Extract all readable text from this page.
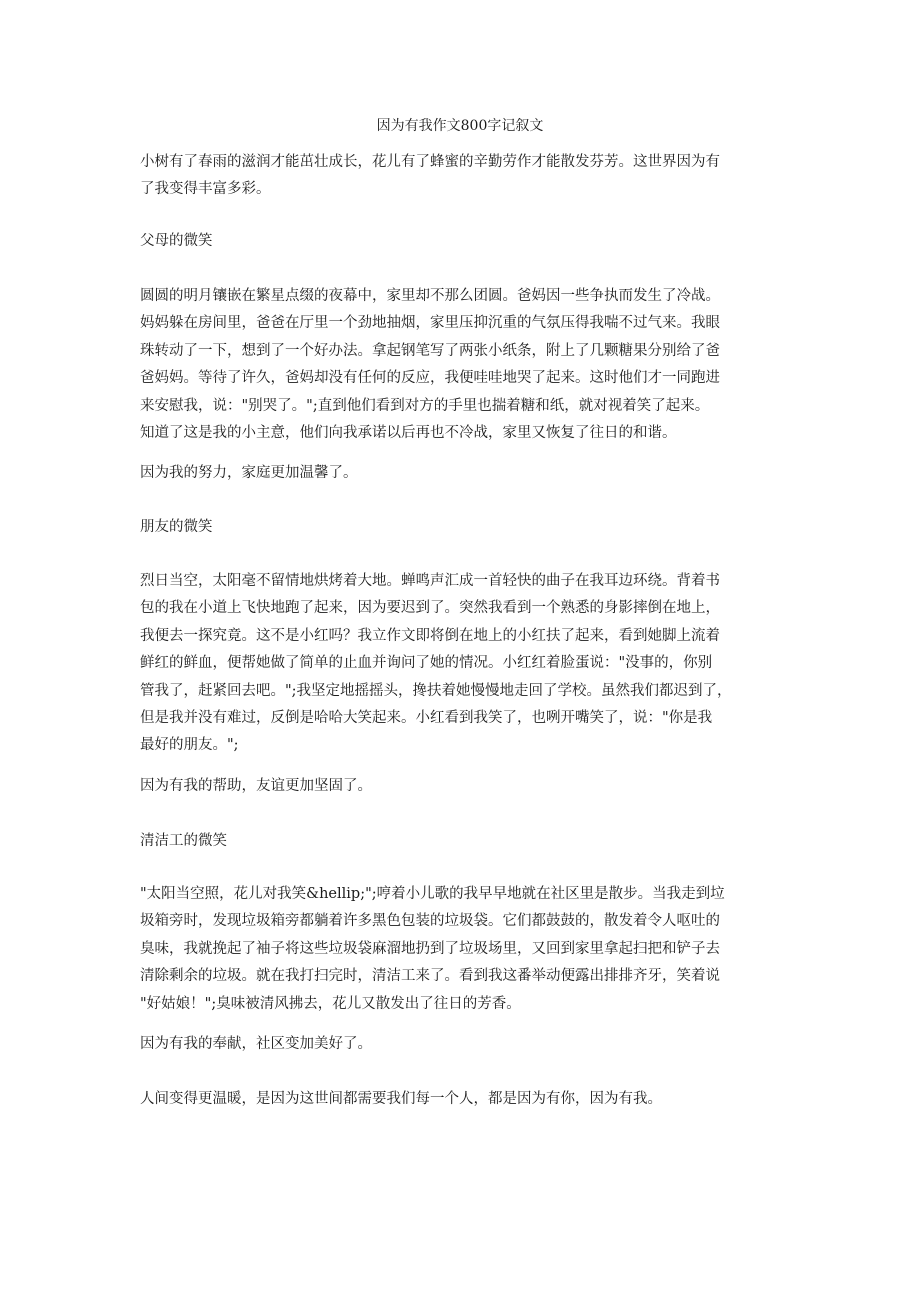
因为有我作文800字记叙文

小树有了春雨的滋润才能茁壮成长，花儿有了蜂蜜的辛勤劳作才能散发芬芳。这世界因为有
了我变得丰富多彩。

父母的微笑

圆圆的明月镶嵌在繁星点缀的夜幕中，家里却不那么团圆。爸妈因一些争执而发生了冷战。
妈妈躲在房间里，爸爸在厅里一个劲地抽烟，家里压抑沉重的气氛压得我喘不过气来。我眼
珠转动了一下，想到了一个好办法。拿起钢笔写了两张小纸条，附上了几颗糖果分别给了爸
爸妈妈。等待了许久，爸妈却没有任何的反应，我便哇哇地哭了起来。这时他们才一同跑进
来安慰我，说："别哭了。";直到他们看到对方的手里也揣着糖和纸，就对视着笑了起来。
知道了这是我的小主意，他们向我承诺以后再也不冷战，家里又恢复了往日的和谐。

因为我的努力，家庭更加温馨了。

朋友的微笑

烈日当空，太阳毫不留情地烘烤着大地。蝉鸣声汇成一首轻快的曲子在我耳边环绕。背着书
包的我在小道上飞快地跑了起来，因为要迟到了。突然我看到一个熟悉的身影摔倒在地上，
我便去一探究竟。这不是小红吗？我立作文即将倒在地上的小红扶了起来，看到她脚上流着
鲜红的鲜血，便帮她做了简单的止血并询问了她的情况。小红红着脸蛋说："没事的，你别
管我了，赶紧回去吧。";我坚定地摇摇头，搀扶着她慢慢地走回了学校。虽然我们都迟到了，
但是我并没有难过，反倒是哈哈大笑起来。小红看到我笑了，也咧开嘴笑了，说："你是我
最好的朋友。";

因为有我的帮助，友谊更加坚固了。

清洁工的微笑

"太阳当空照，花儿对我笑&hellip;";哼着小儿歌的我早早地就在社区里是散步。当我走到垃
圾箱旁时，发现垃圾箱旁都躺着许多黑色包装的垃圾袋。它们都鼓鼓的，散发着令人呕吐的
臭味，我就挽起了袖子将这些垃圾袋麻溜地扔到了垃圾场里，又回到家里拿起扫把和铲子去
清除剩余的垃圾。就在我打扫完时，清洁工来了。看到我这番举动便露出排排齐牙，笑着说
"好姑娘！";臭味被清风拂去，花儿又散发出了往日的芳香。

因为有我的奉献，社区变加美好了。

人间变得更温暖，是因为这世间都需要我们每一个人，都是因为有你，因为有我。
